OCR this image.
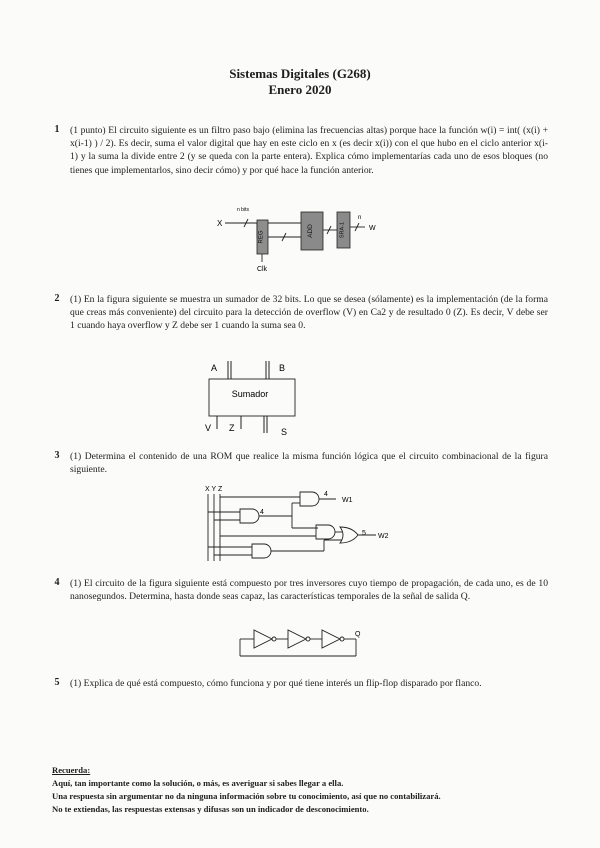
Sistemas Digitales (G268)
Enero 2020
1	(1 punto) El circuito siguiente es un filtro paso bajo (elimina las frecuencias altas) porque hace la función w(i) = int( (x(i) + x(i-1) ) / 2). Es decir, suma el valor digital que hay en este ciclo en x (es decir x(i)) con el que hubo en el ciclo anterior x(i-1) y la suma la divide entre 2 (y se queda con la parte entera). Explica cómo implementarías cada uno de esos bloques (no tienes que implementarlos, sino decir cómo) y por qué hace la función anterior.
X
n bits
REG
Clk
ADD	SRA-1
n
W
2	(1) En la figura siguiente se muestra un sumador de 32 bits. Lo que se desea (sólamente) es la implementación (de la forma que creas más conveniente) del circuito para la detección de overflow (V) en Ca2 y de resultado 0 (Z). Es decir, V debe ser 1 cuando haya overflow y Z debe ser 1 cuando la suma sea 0.
A	B
Sumador
V Z	S
3	(1) Determina el contenido de una ROM que realice la misma función lógica que el circuito combinacional de la figura siguiente.
X Y Z
4
W1
4
5 W2
4	(1) El circuito de la figura siguiente está compuesto por tres inversores cuyo tiempo de propagación, de cada uno, es de 10 nanosegundos. Determina, hasta donde seas capaz, las características temporales de la señal de salida Q.
Q
5	(1) Explica de qué está compuesto, cómo funciona y por qué tiene interés un flip-flop disparado por flanco.
Recuerda:
Aquí, tan importante como la solución, o más, es averiguar si sabes llegar a ella.
Una respuesta sin argumentar no da ninguna información sobre tu conocimiento, así que no contabilizará.
No te extiendas, las respuestas extensas y difusas son un indicador de desconocimiento.
